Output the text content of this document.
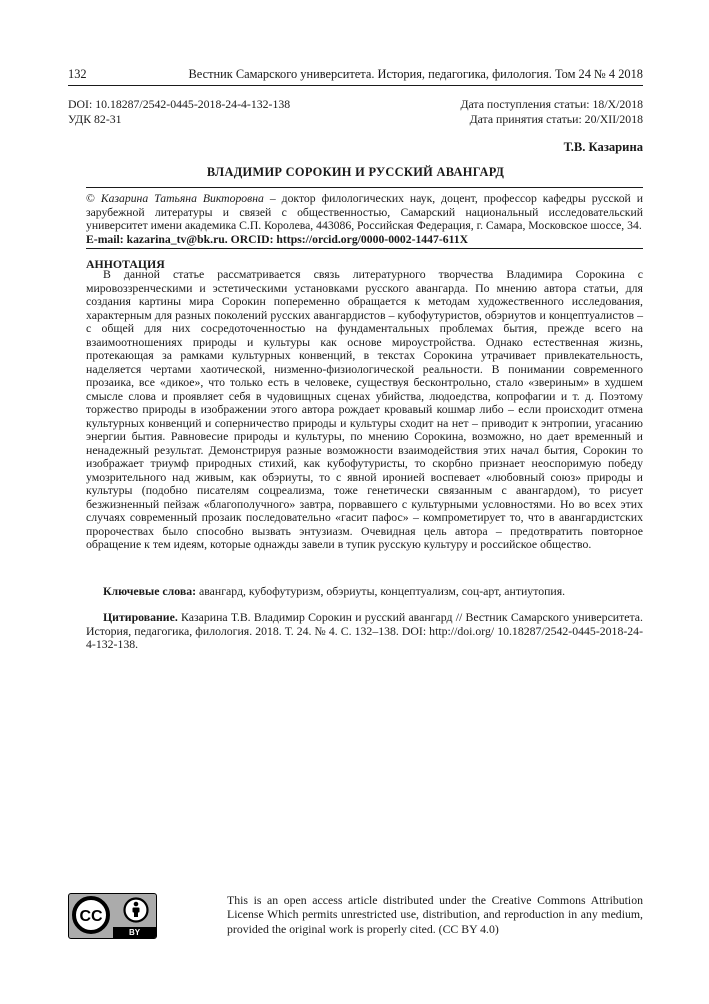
132	Вестник Самарского университета. История, педагогика, филология. Том 24 № 4 2018
DOI: 10.18287/2542-0445-2018-24-4-132-138
УДК 82-31
Дата поступления статьи: 18/X/2018
Дата принятия статьи: 20/XII/2018
Т.В. Казарина
ВЛАДИМИР СОРОКИН И РУССКИЙ АВАНГАРД
© Казарина Татьяна Викторовна – доктор филологических наук, доцент, профессор кафедры русской и зарубежной литературы и связей с общественностью, Самарский национальный исследовательский университет имени академика С.П. Королева, 443086, Российская Федерация, г. Самара, Московское шоссе, 34.
E-mail: kazarina_tv@bk.ru. ORCID: https://orcid.org/0000-0002-1447-611X
АННОТАЦИЯ

В данной статье рассматривается связь литературного творчества Владимира Сорокина с мировоззренческими и эстетическими установками русского авангарда. По мнению автора статьи, для создания картины мира Сорокин попеременно обращается к методам художественного исследования, характерным для разных поколений русских авангардистов – кубофутуристов, обэриутов и концептуалистов – с общей для них сосредоточенностью на фундаментальных проблемах бытия, прежде всего на взаимоотношениях природы и культуры как основе мироустройства. Однако естественная жизнь, протекающая за рамками культурных конвенций, в текстах Сорокина утрачивает привлекательность, наделяется чертами хаотической, низменно-физиологической реальности. В понимании современного прозаика, все «дикое», что только есть в человеке, существуя бесконтрольно, стало «звериным» в худшем смысле слова и проявляет себя в чудовищных сценах убийства, людоедства, копрофагии и т. д. Поэтому торжество природы в изображении этого автора рождает кровавый кошмар либо – если происходит отмена культурных конвенций и соперничество природы и культуры сходит на нет – приводит к энтропии, угасанию энергии бытия. Равновесие природы и культуры, по мнению Сорокина, возможно, но дает временный и ненадежный результат. Демонстрируя разные возможности взаимодействия этих начал бытия, Сорокин то изображает триумф природных стихий, как кубофутуристы, то скорбно признает неоспоримую победу умозрительного над живым, как обэриуты, то с явной иронией воспевает «любовный союз» природы и культуры (подобно писателям соцреализма, тоже генетически связанным с авангардом), то рисует безжизненный пейзаж «благополучного» завтра, порвавшего с культурными условностями. Но во всех этих случаях современный прозаик последовательно «гасит пафос» – компрометирует то, что в авангардистских пророчествах было способно вызвать энтузиазм. Очевидная цель автора – предотвратить повторное обращение к тем идеям, которые однажды завели в тупик русскую культуру и российское общество.

Ключевые слова: авангард, кубофутуризм, обэриуты, концептуализм, соц-арт, антиутопия.

Цитирование. Казарина Т.В. Владимир Сорокин и русский авангард // Вестник Самарского университета. История, педагогика, филология. 2018. Т. 24. № 4. С. 132–138. DOI: http://doi.org/ 10.18287/2542-0445-2018-24-4-132-138.

CC
BY
This is an open access article distributed under the Creative Commons Attribution License Which permits unrestricted use, distribution, and reproduction in any medium, provided the original work is properly cited. (CC BY 4.0)
